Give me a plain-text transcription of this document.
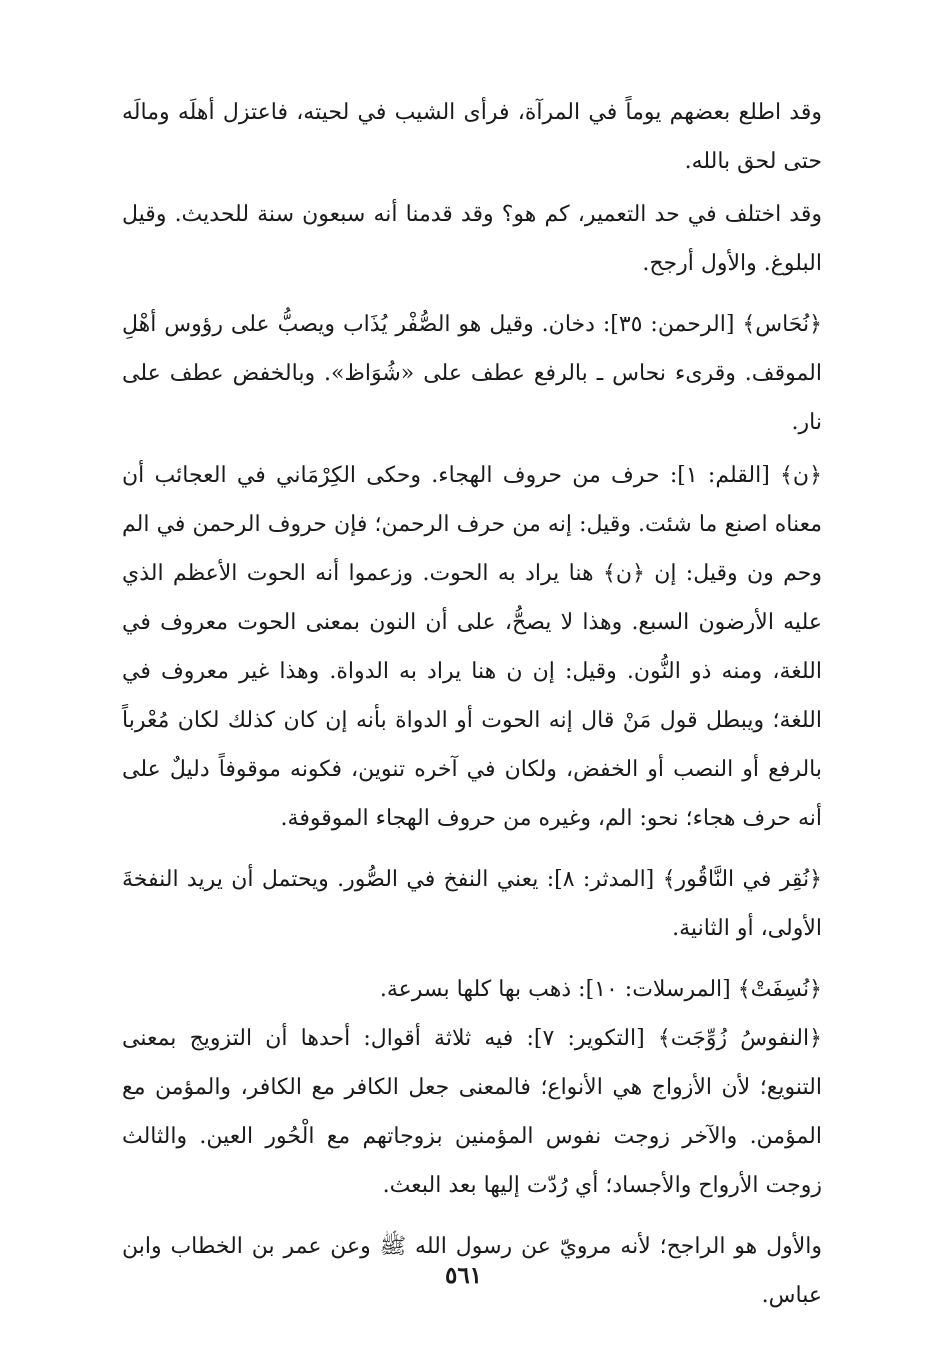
وقد اطلع بعضهم يوماً في المرآة، فرأى الشيب في لحيته، فاعتزل أهلَه ومالَه حتى لحق بالله.

وقد اختلف في حد التعمير، كم هو؟ وقد قدمنا أنه سبعون سنة للحديث. وقيل البلوغ. والأول أرجح.

﴿نُحَاس﴾ [الرحمن: ٣٥]: دخان. وقيل هو الصُّفْر يُذَاب ويصبُّ على رؤوس أهْلِ الموقف. وقرىء نحاس ـ بالرفع عطف على «شُوَاظ». وبالخفض عطف على نار.

﴿ن﴾ [القلم: ١]: حرف من حروف الهجاء. وحكى الكِرْمَاني في العجائب أن معناه اصنع ما شئت. وقيل: إنه من حرف الرحمن؛ فإن حروف الرحمن في الم وحم ون وقيل: إن ﴿ن﴾ هنا يراد به الحوت. وزعموا أنه الحوت الأعظم الذي عليه الأرضون السبع. وهذا لا يصحُّ، على أن النون بمعنى الحوت معروف في اللغة، ومنه ذو النُّون. وقيل: إن ن هنا يراد به الدواة. وهذا غير معروف في اللغة؛ ويبطل قول مَنْ قال إنه الحوت أو الدواة بأنه إن كان كذلك لكان مُعْرباً بالرفع أو النصب أو الخفض، ولكان في آخره تنوين، فكونه موقوفاً دليلٌ على أنه حرف هجاء؛ نحو: الم، وغيره من حروف الهجاء الموقوفة.

﴿نُقِر في النَّاقُور﴾ [المدثر: ٨]: يعني النفخ في الصُّور. ويحتمل أن يريد النفخةَ الأولى، أو الثانية.

﴿نُسِفَتْ﴾ [المرسلات: ١٠]: ذهب بها كلها بسرعة.

﴿النفوسُ زُوِّجَت﴾ [التكوير: ٧]: فيه ثلاثة أقوال: أحدها أن التزويج بمعنى التنويع؛ لأن الأزواج هي الأنواع؛ فالمعنى جعل الكافر مع الكافر، والمؤمن مع المؤمن. والآخر زوجت نفوس المؤمنين بزوجاتهم مع الْحُور العين. والثالث زوجت الأرواح والأجساد؛ أي رُدّت إليها بعد البعث.

والأول هو الراجح؛ لأنه مرويّ عن رسول الله ﷺ وعن عمر بن الخطاب وابن عباس.

٥٦١
